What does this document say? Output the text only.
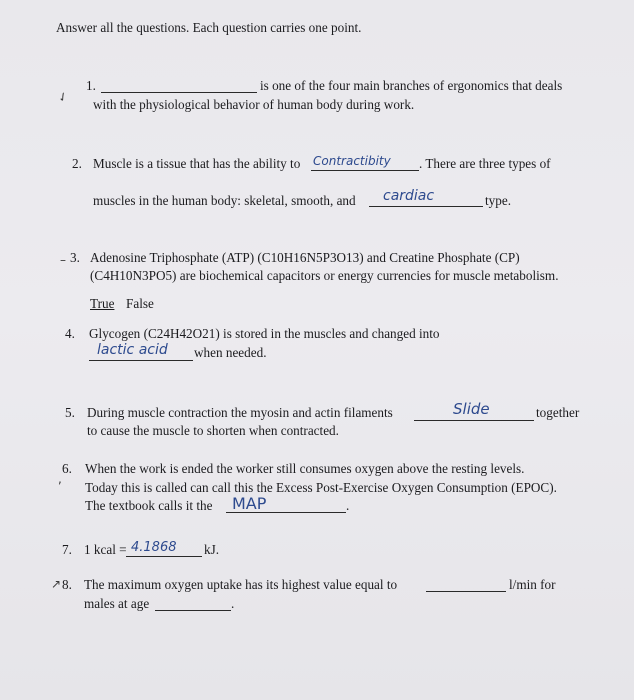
Answer all the questions. Each question carries one point.
✓
1.	is one of the four main branches of ergonomics that deals
with the physiological behavior of human body during work.
2. Muscle is a tissue that has the ability to Contractibity . There are three types of
muscles in the human body: skeletal, smooth, and cardiac	type.
– 3. Adenosine Triphosphate (ATP) (C10H16N5P3O13) and Creatine Phosphate (CP)
(C4H10N3PO5) are biochemical capacitors or energy currencies for muscle metabolism.
True False
4. Glycogen (C24H42O21) is stored in the muscles and changed into
lactic acid when needed.
5. During muscle contraction the myosin and actin filaments	Slide	together
to cause the muscle to shorten when contracted.
,
6. When the work is ended the worker still consumes oxygen above the resting levels.
Today this is called can call this the Excess Post-Exercise Oxygen Consumption (EPOC).
The textbook calls it the MAP	.
7. 1 kcal = 4.1868 kJ.
↗ 8. The maximum oxygen uptake has its highest value equal to	l/min for
males at age	.
